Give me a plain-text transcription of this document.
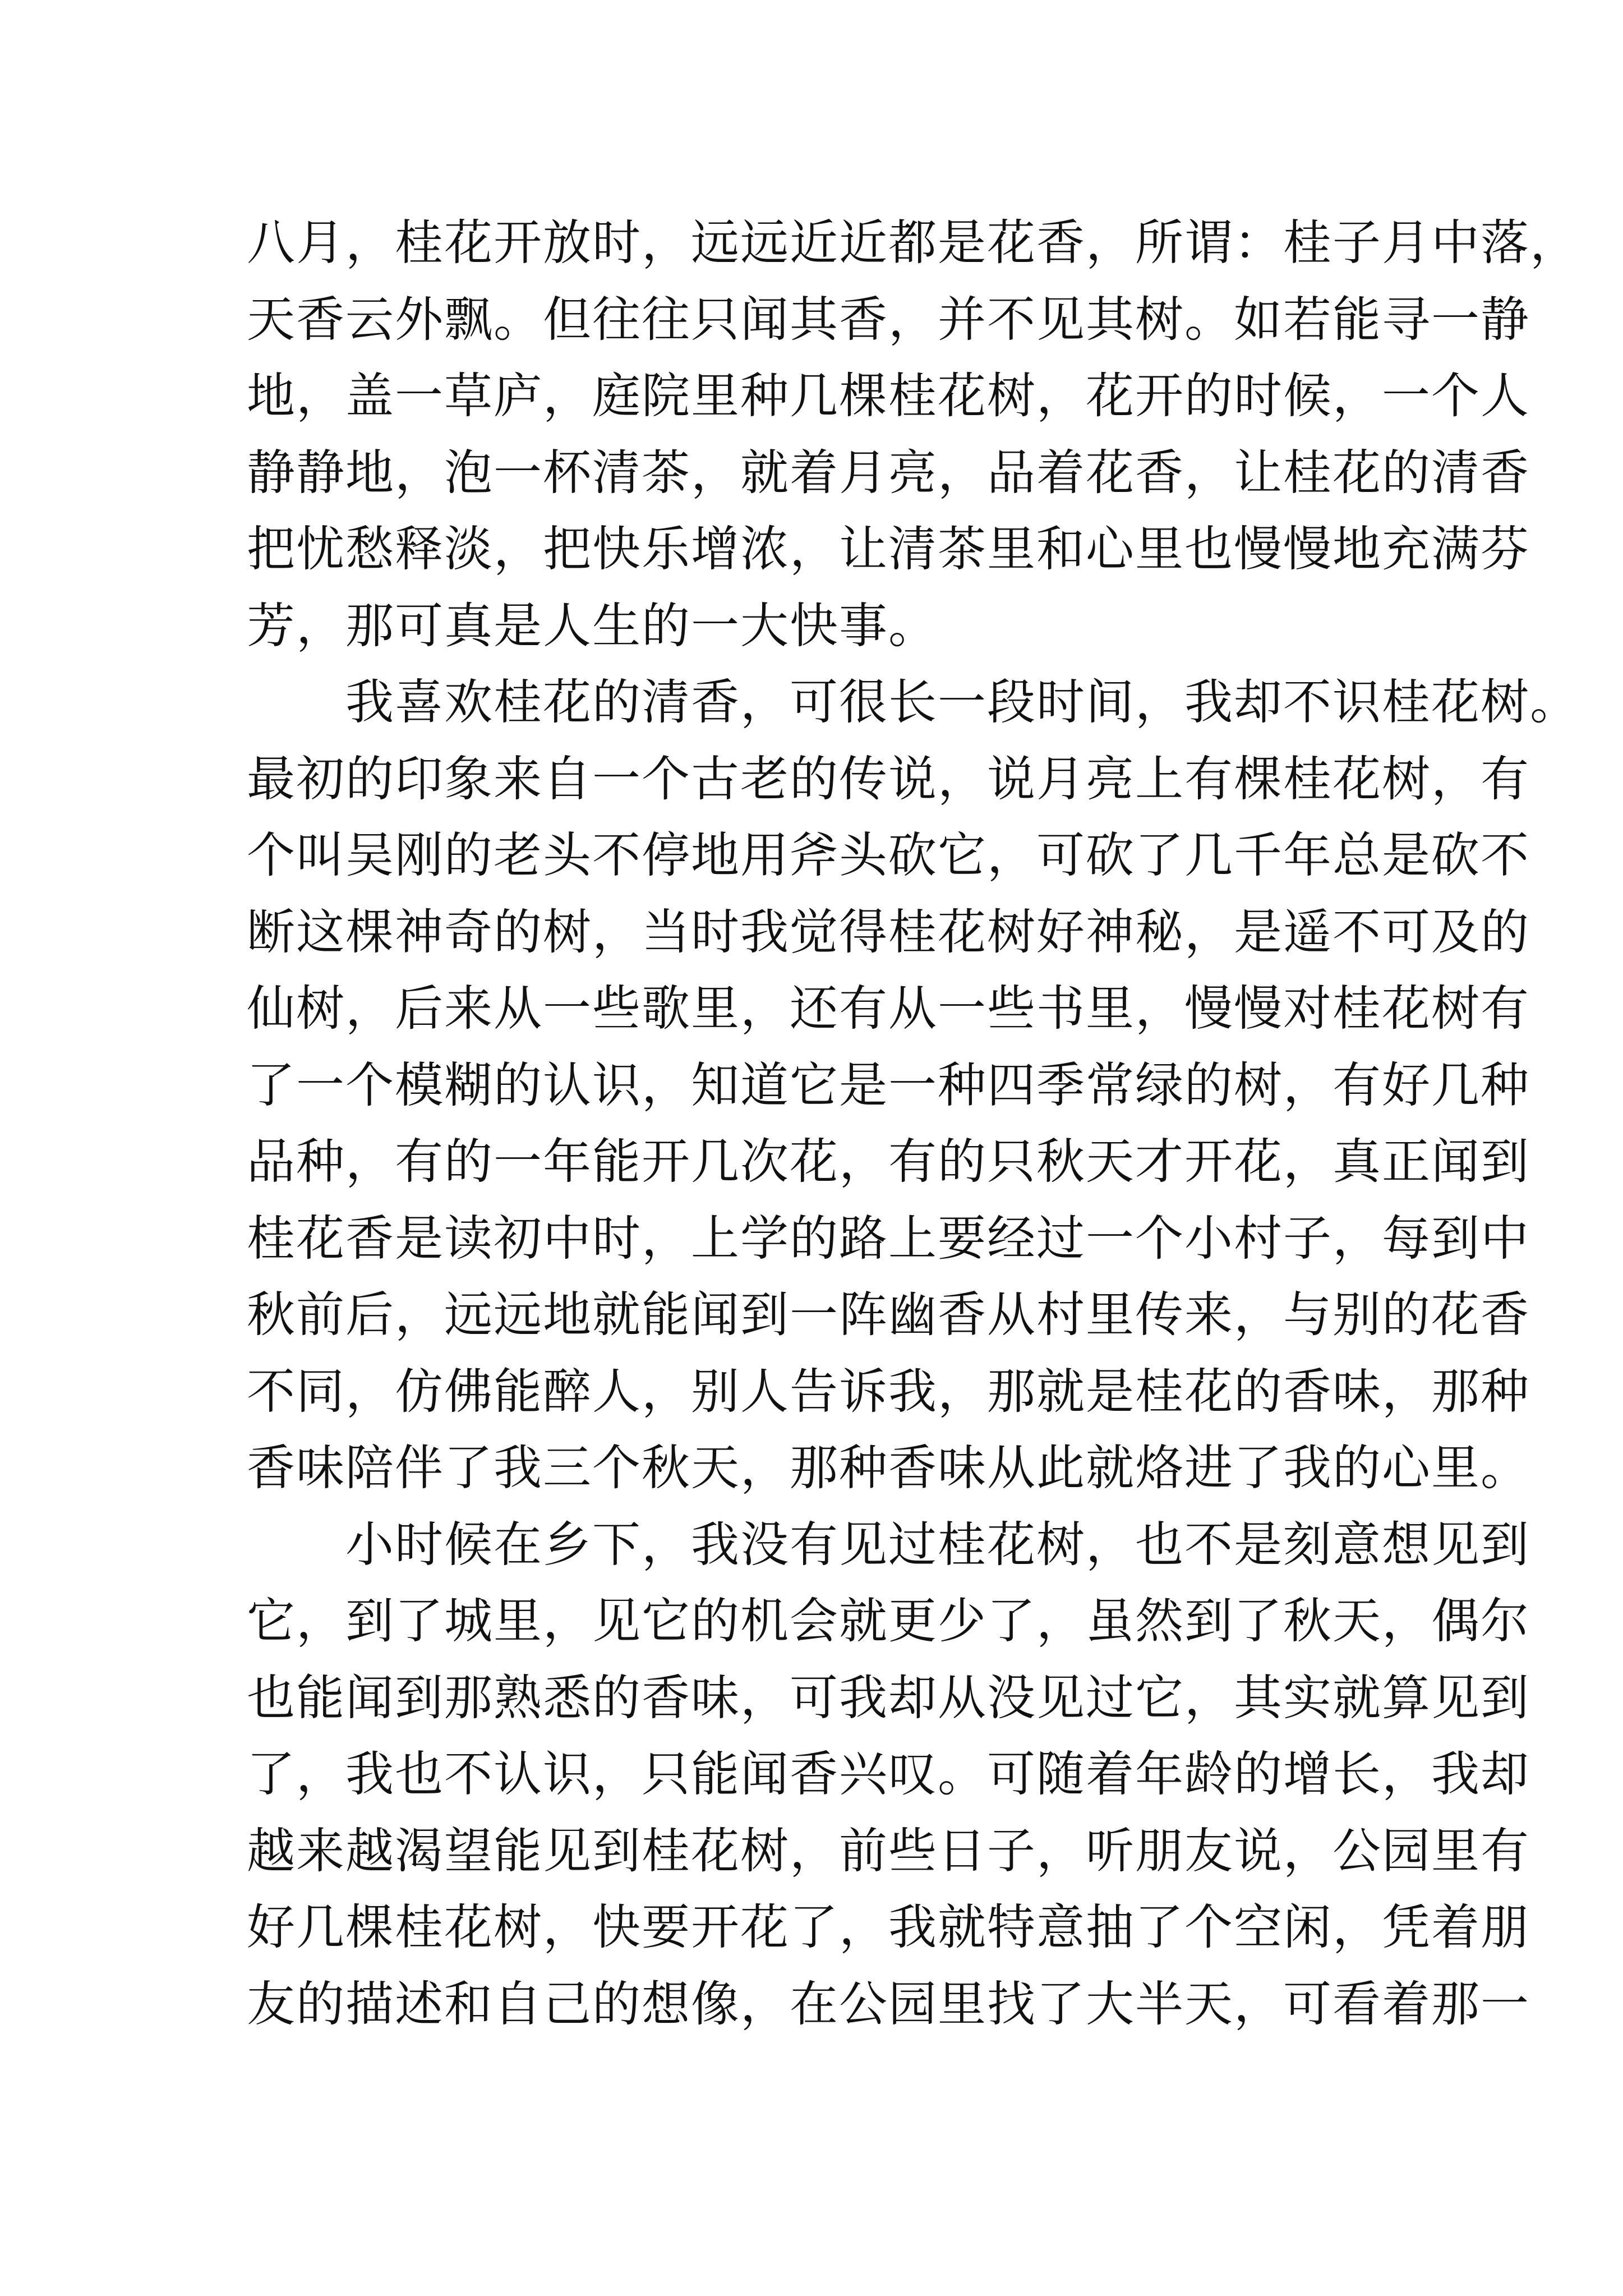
八月，桂花开放时，远远近近都是花香，所谓：桂子月中落，
天香云外飘。但往往只闻其香，并不见其树。如若能寻一静
地，盖一草庐，庭院里种几棵桂花树，花开的时候，一个人
静静地，泡一杯清茶，就着月亮，品着花香，让桂花的清香
把忧愁释淡，把快乐增浓，让清茶里和心里也慢慢地充满芬
芳，那可真是人生的一大快事。
　　我喜欢桂花的清香，可很长一段时间，我却不识桂花树。
最初的印象来自一个古老的传说，说月亮上有棵桂花树，有
个叫吴刚的老头不停地用斧头砍它，可砍了几千年总是砍不
断这棵神奇的树，当时我觉得桂花树好神秘，是遥不可及的
仙树，后来从一些歌里，还有从一些书里，慢慢对桂花树有
了一个模糊的认识，知道它是一种四季常绿的树，有好几种
品种，有的一年能开几次花，有的只秋天才开花，真正闻到
桂花香是读初中时，上学的路上要经过一个小村子，每到中
秋前后，远远地就能闻到一阵幽香从村里传来，与别的花香
不同，仿佛能醉人，别人告诉我，那就是桂花的香味，那种
香味陪伴了我三个秋天，那种香味从此就烙进了我的心里。
　　小时候在乡下，我没有见过桂花树，也不是刻意想见到
它，到了城里，见它的机会就更少了，虽然到了秋天，偶尔
也能闻到那熟悉的香味，可我却从没见过它，其实就算见到
了，我也不认识，只能闻香兴叹。可随着年龄的增长，我却
越来越渴望能见到桂花树，前些日子，听朋友说，公园里有
好几棵桂花树，快要开花了，我就特意抽了个空闲，凭着朋
友的描述和自己的想像，在公园里找了大半天，可看着那一
